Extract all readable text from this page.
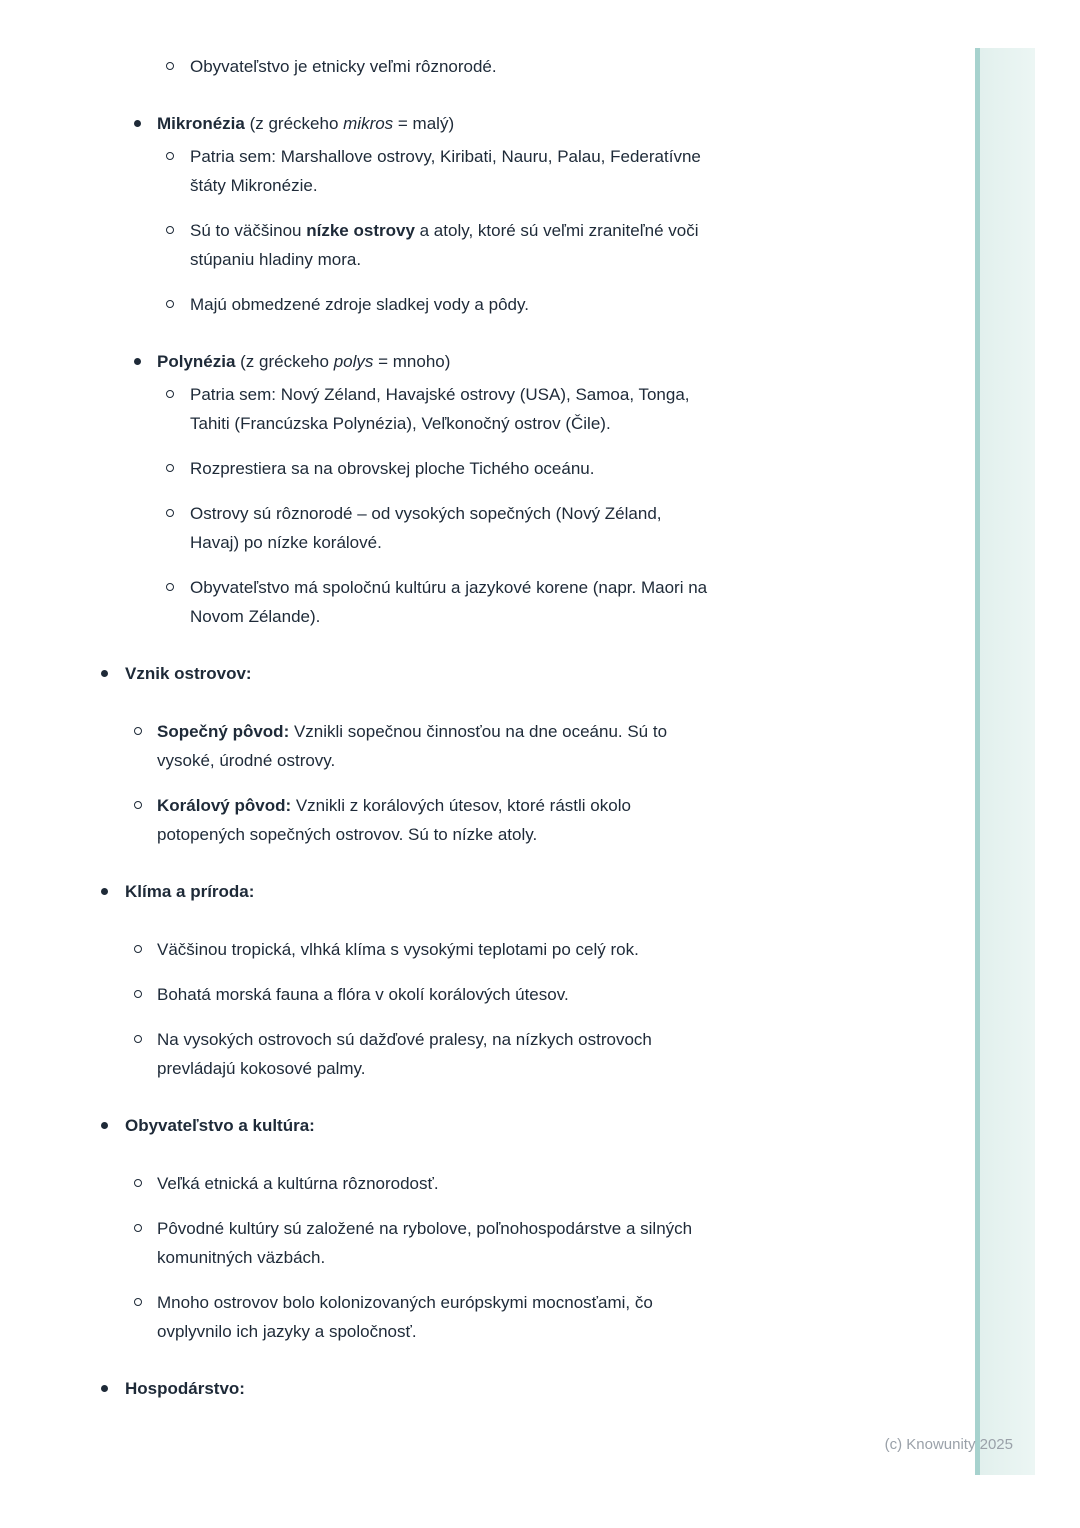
Obyvateľstvo je etnicky veľmi rôznorodé.
Mikronézia (z gréckeho mikros = malý)
Patria sem: Marshallove ostrovy, Kiribati, Nauru, Palau, Federatívne
štáty Mikronézie.
Sú to väčšinou nízke ostrovy a atoly, ktoré sú veľmi zraniteľné voči
stúpaniu hladiny mora.
Majú obmedzené zdroje sladkej vody a pôdy.
Polynézia (z gréckeho polys = mnoho)
Patria sem: Nový Zéland, Havajské ostrovy (USA), Samoa, Tonga,
Tahiti (Francúzska Polynézia), Veľkonočný ostrov (Čile).
Rozprestiera sa na obrovskej ploche Tichého oceánu.
Ostrovy sú rôznorodé – od vysokých sopečných (Nový Zéland,
Havaj) po nízke korálové.
Obyvateľstvo má spoločnú kultúru a jazykové korene (napr. Maori na
Novom Zélande).
Vznik ostrovov:
Sopečný pôvod: Vznikli sopečnou činnosťou na dne oceánu. Sú to
vysoké, úrodné ostrovy.
Korálový pôvod: Vznikli z korálových útesov, ktoré rástli okolo
potopených sopečných ostrovov. Sú to nízke atoly.
Klíma a príroda:
Väčšinou tropická, vlhká klíma s vysokými teplotami po celý rok.
Bohatá morská fauna a flóra v okolí korálových útesov.
Na vysokých ostrovoch sú dažďové pralesy, na nízkych ostrovoch
prevládajú kokosové palmy.
Obyvateľstvo a kultúra:
Veľká etnická a kultúrna rôznorodosť.
Pôvodné kultúry sú založené na rybolove, poľnohospodárstve a silných
komunitných väzbách.
Mnoho ostrovov bolo kolonizovaných európskymi mocnosťami, čo
ovplyvnilo ich jazyky a spoločnosť.
Hospodárstvo:
(c) Knowunity 2025
